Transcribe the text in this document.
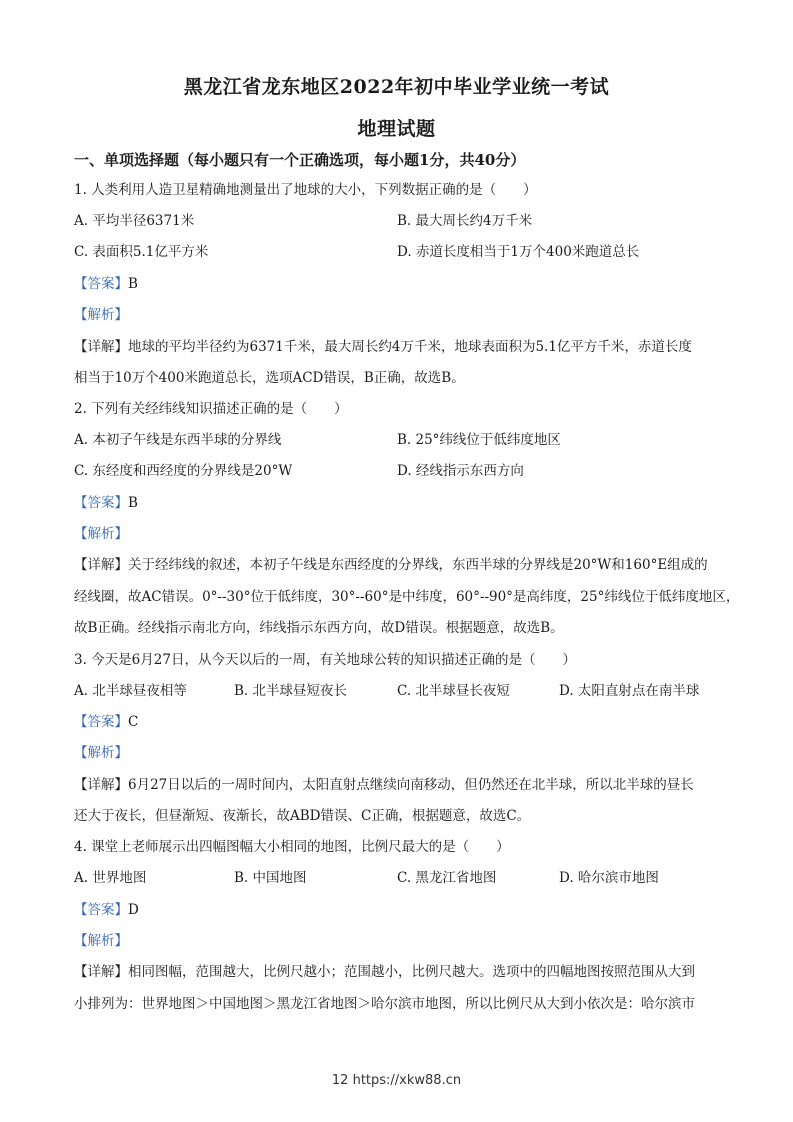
黑龙江省龙东地区2022年初中毕业学业统一考试
地理试题
一、单项选择题（每小题只有一个正确选项，每小题1分，共40分）
1. 人类利用人造卫星精确地测量出了地球的大小，下列数据正确的是（　　）
A. 平均半径6371米	B. 最大周长约4万千米
C. 表面积5.1亿平方米	D. 赤道长度相当于1万个400米跑道总长
【答案】B
【解析】
【详解】地球的平均半径约为6371千米，最大周长约4万千米，地球表面积为5.1亿平方千米，赤道长度
相当于10万个400米跑道总长，选项ACD错误，B正确，故选B。
2. 下列有关经纬线知识描述正确的是（　　）
A. 本初子午线是东西半球的分界线	B. 25°纬线位于低纬度地区
C. 东经度和西经度的分界线是20°W	D. 经线指示东西方向
【答案】B
【解析】
【详解】关于经纬线的叙述，本初子午线是东西经度的分界线，东西半球的分界线是20°W和160°E组成的
经线圈，故AC错误。0°--30°位于低纬度，30°--60°是中纬度，60°--90°是高纬度，25°纬线位于低纬度地区，
故B正确。经线指示南北方向，纬线指示东西方向，故D错误。根据题意，故选B。
3. 今天是6月27日，从今天以后的一周，有关地球公转的知识描述正确的是（　　）
A. 北半球昼夜相等	B. 北半球昼短夜长	C. 北半球昼长夜短	D. 太阳直射点在南半球
【答案】C
【解析】
【详解】6月27日以后的一周时间内，太阳直射点继续向南移动，但仍然还在北半球，所以北半球的昼长
还大于夜长，但昼渐短、夜渐长，故ABD错误、C正确，根据题意，故选C。
4. 课堂上老师展示出四幅图幅大小相同的地图，比例尺最大的是（　　）
A. 世界地图	B. 中国地图	C. 黑龙江省地图	D. 哈尔滨市地图
【答案】D
【解析】
【详解】相同图幅，范围越大，比例尺越小；范围越小，比例尺越大。选项中的四幅地图按照范围从大到
小排列为：世界地图＞中国地图＞黑龙江省地图＞哈尔滨市地图，所以比例尺从大到小依次是：哈尔滨市
12 https://xkw88.cn
